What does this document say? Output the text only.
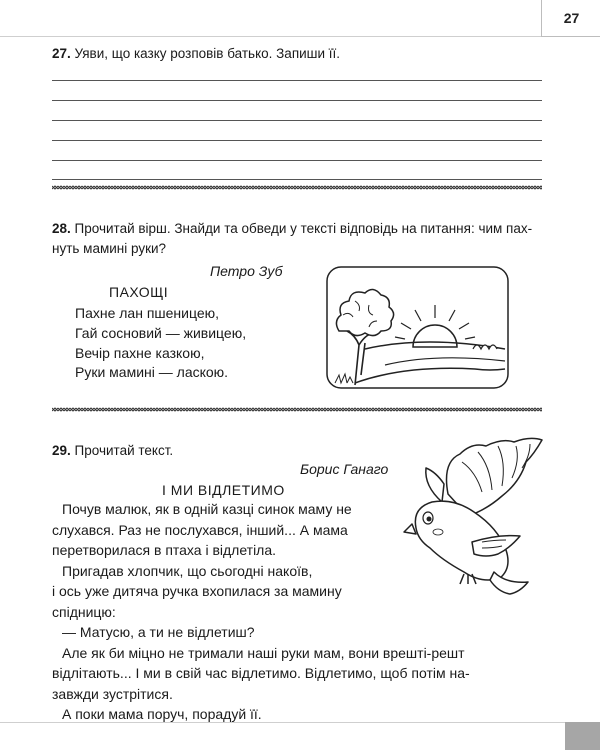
27
27. Уяви, що казку розповів батько. Запиши її.
28. Прочитай вірш. Знайди та обведи у тексті відповідь на питання: чим пах-
нуть мамині руки?
Петро Зуб
ПАХОЩІ
Пахне лан пшеницею,
Гай сосновий — живицею,
Вечір пахне казкою,
Руки мамині — ласкою.
29. Прочитай текст.
Борис Ганаго
І МИ ВІДЛЕТИМО
Почув малюк, як в одній казці синок маму не
слухався. Раз не послухався, інший... А мама
перетворилася в птаха і відлетіла.
Пригадав хлопчик, що сьогодні накоїв,
і ось уже дитяча ручка вхопилася за мамину
спідницю:
— Матусю, а ти не відлетиш?
Але як би міцно не тримали наші руки мам, вони врешті-решт
відлітають... І ми в свій час відлетимо. Відлетимо, щоб потім на-
завжди зустрітися.
А поки мама поруч, порадуй її.
